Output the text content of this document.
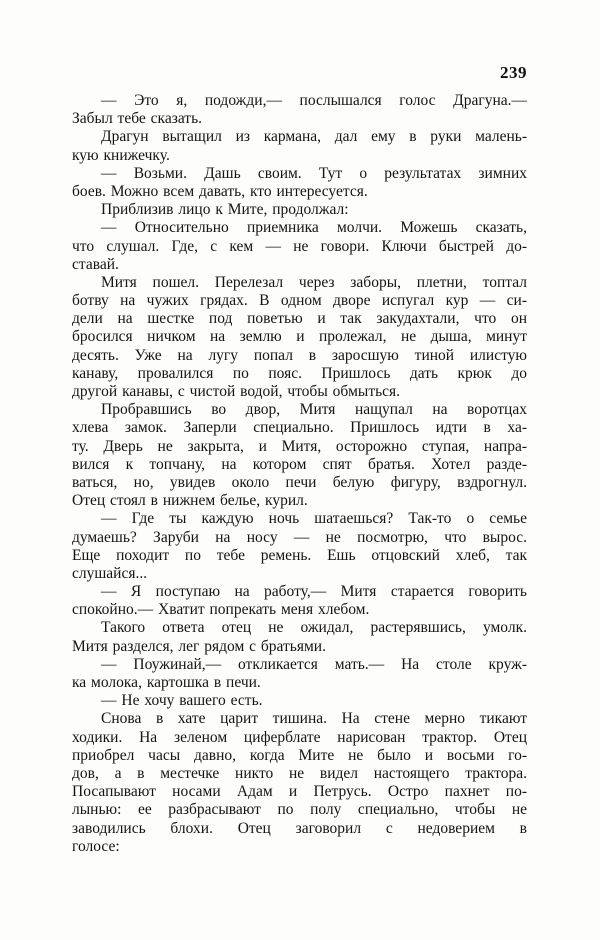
239
— Это я, подожди,— послышался голос Драгуна.—
Забыл тебе сказать.
Драгун вытащил из кармана, дал ему в руки малень-
кую книжечку.
— Возьми. Дашь своим. Тут о результатах зимних
боев. Можно всем давать, кто интересуется.
Приблизив лицо к Мите, продолжал:
— Относительно приемника молчи. Можешь сказать,
что слушал. Где, с кем — не говори. Ключи быстрей до-
ставай.
Митя пошел. Перелезал через заборы, плетни, топтал
ботву на чужих грядах. В одном дворе испугал кур — си-
дели на шестке под поветью и так закудахтали, что он
бросился ничком на землю и пролежал, не дыша, минут
десять. Уже на лугу попал в заросшую тиной илистую
канаву, провалился по пояс. Пришлось дать крюк до
другой канавы, с чистой водой, чтобы обмыться.
Пробравшись во двор, Митя нащупал на воротцах
хлева замок. Заперли специально. Пришлось идти в ха-
ту. Дверь не закрыта, и Митя, осторожно ступая, напра-
вился к топчану, на котором спят братья. Хотел разде-
ваться, но, увидев около печи белую фигуру, вздрогнул.
Отец стоял в нижнем белье, курил.
— Где ты каждую ночь шатаешься? Так-то о семье
думаешь? Заруби на носу — не посмотрю, что вырос.
Еще походит по тебе ремень. Ешь отцовский хлеб, так
слушайся...
— Я поступаю на работу,— Митя старается говорить
спокойно.— Хватит попрекать меня хлебом.
Такого ответа отец не ожидал, растерявшись, умолк.
Митя разделся, лег рядом с братьями.
— Поужинай,— откликается мать.— На столе круж-
ка молока, картошка в печи.
— Не хочу вашего есть.
Снова в хате царит тишина. На стене мерно тикают
ходики. На зеленом циферблате нарисован трактор. Отец
приобрел часы давно, когда Мите не было и восьми го-
дов, а в местечке никто не видел настоящего трактора.
Посапывают носами Адам и Петрусь. Остро пахнет по-
лынью: ее разбрасывают по полу специально, чтобы не
заводились блохи. Отец заговорил с недоверием в
голосе:
